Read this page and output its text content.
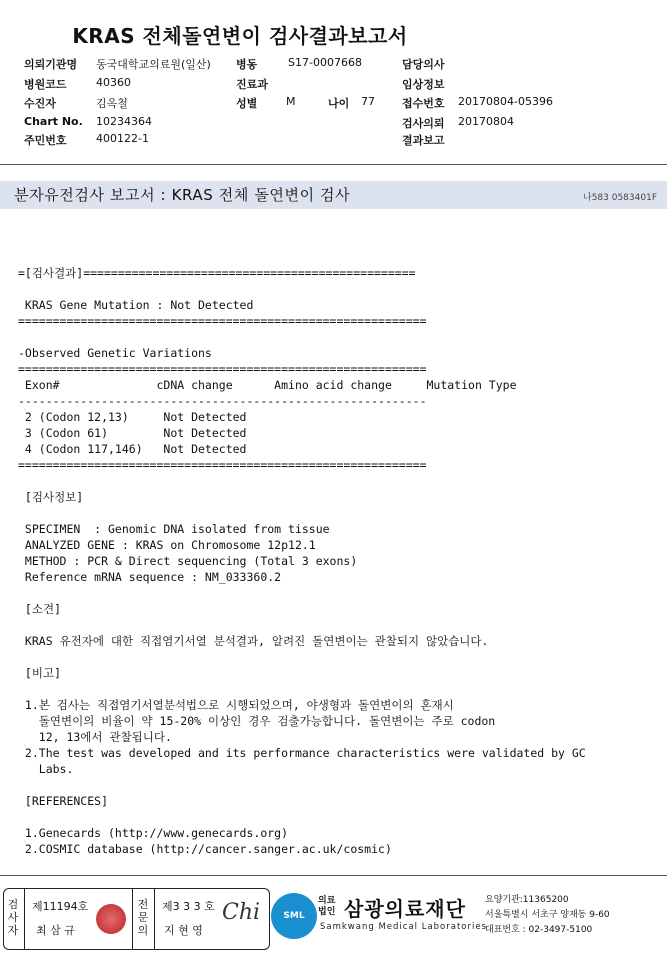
KRAS 전체돌연변이 검사결과보고서
의뢰기관명 동국대학교의료원(일산) 병동	S17-0007668	담당의사
병원코드	40360	진료과	임상정보
수진자	김옥철	성별	M	나이 77 접수번호 20170804-05396
Chart No. 10234364	검사의뢰 20170804
주민번호	400122-1	결과보고
분자유전검사 보고서 : KRAS 전체 돌연변이 검사	나583 0583401F
=[검사결과]================================================

KRAS Gene Mutation : Not Detected
===========================================================

-Observed Genetic Variations
===========================================================
Exon#              cDNA change      Amino acid change     Mutation Type
-----------------------------------------------------------
2 (Codon 12,13)     Not Detected
3 (Codon 61)        Not Detected
4 (Codon 117,146)   Not Detected
===========================================================

[검사정보]

SPECIMEN  : Genomic DNA isolated from tissue
ANALYZED GENE : KRAS on Chromosome 12p12.1
METHOD : PCR & Direct sequencing (Total 3 exons)
Reference mRNA sequence : NM_033360.2

[소견]

KRAS 유전자에 대한 직접염기서열 분석결과, 알려진 돌연변이는 관찰되지 않았습니다.

[비고]

1.본 검사는 직접염기서열분석법으로 시행되었으며, 야생형과 돌연변이의 혼재시
돌연변이의 비율이 약 15-20% 이상인 경우 검출가능합니다. 돌연변이는 주로 codon
12, 13에서 관찰됩니다.
2.The test was developed and its performance characteristics were validated by GC
Labs.

[REFERENCES]

1.Genecards (http://www.genecards.org)
2.COSMIC database (http://cancer.sanger.ac.uk/cosmic)
검사자
제11194호
최 삼 규
전문의
제3 3 3 호
지 현 영
Chi	SML
의료법인 삼광의료재단
Samkwang Medical Laboratories
요양기관:11365200
서울특별시 서초구 양재동 9-60
대표번호 : 02-3497-5100
